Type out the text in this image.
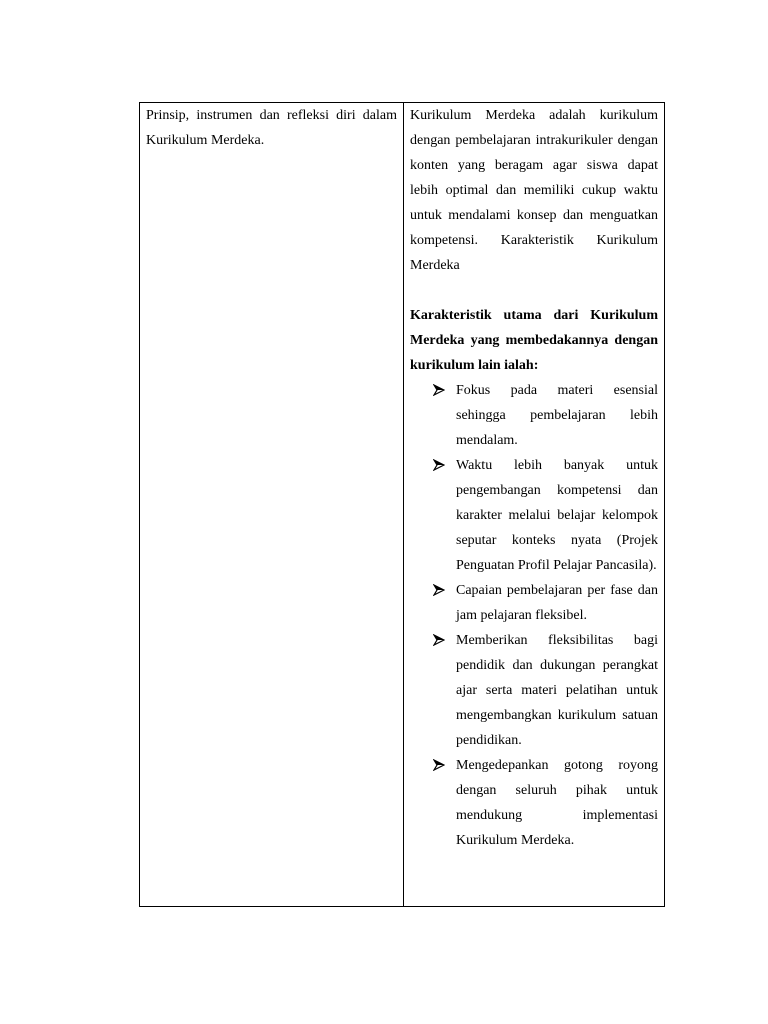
Prinsip, instrumen dan refleksi diri dalam Kurikulum Merdeka.

Kurikulum Merdeka adalah kurikulum dengan pembelajaran intrakurikuler dengan konten yang beragam agar siswa dapat lebih optimal dan memiliki cukup waktu untuk mendalami konsep dan menguatkan kompetensi. Karakteristik Kurikulum Merdeka

Karakteristik utama dari Kurikulum Merdeka yang membedakannya dengan kurikulum lain ialah:

Fokus pada materi esensial sehingga pembelajaran lebih mendalam.
Waktu lebih banyak untuk pengembangan kompetensi dan karakter melalui belajar kelompok seputar konteks nyata (Projek Penguatan Profil Pelajar Pancasila).
Capaian pembelajaran per fase dan jam pelajaran fleksibel.
Memberikan fleksibilitas bagi pendidik dan dukungan perangkat ajar serta materi pelatihan untuk mengembangkan kurikulum satuan pendidikan.
Mengedepankan gotong royong dengan seluruh pihak untuk mendukung implementasi Kurikulum Merdeka.
